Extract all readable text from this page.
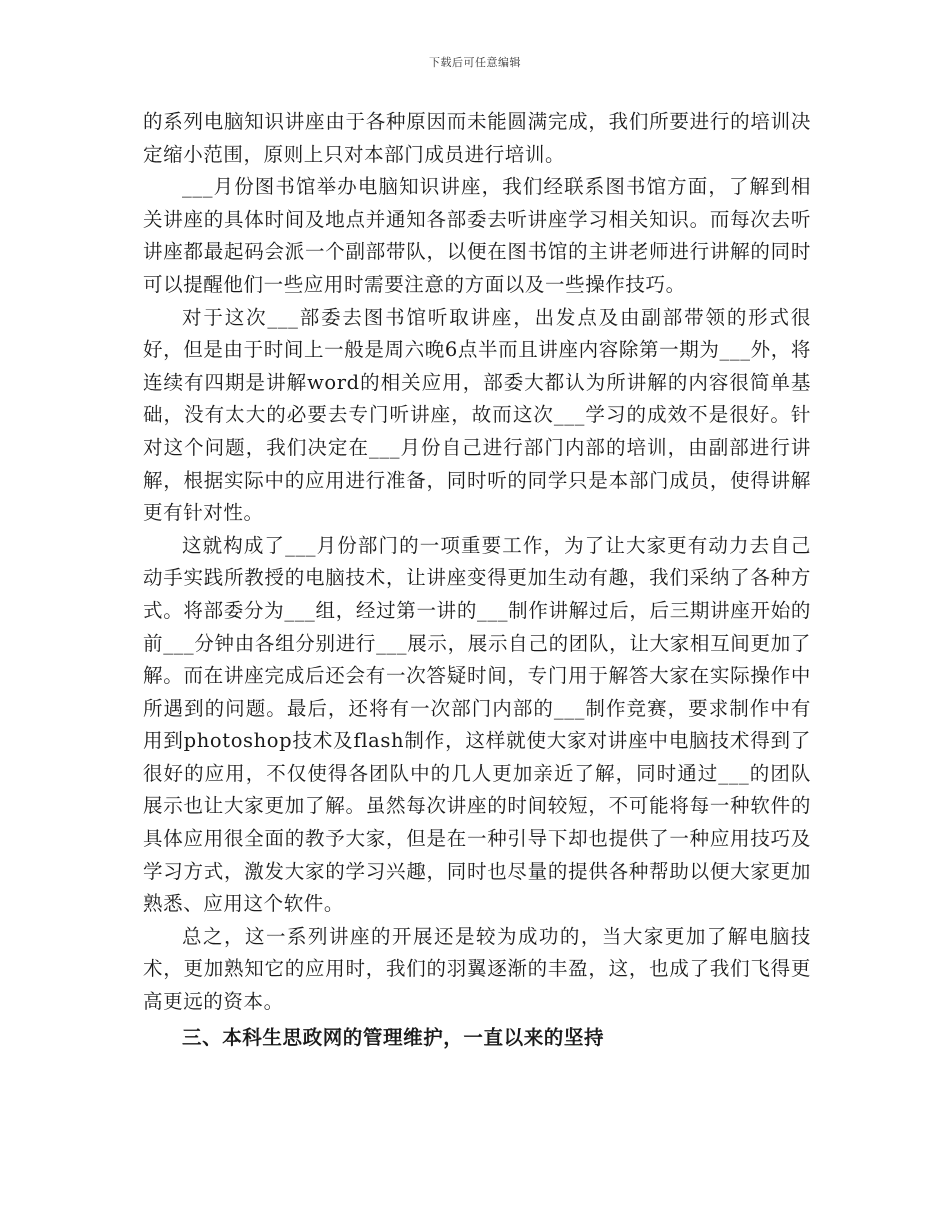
下载后可任意编辑

的系列电脑知识讲座由于各种原因而未能圆满完成，我们所要进行的培训决定缩小范围，原则上只对本部门成员进行培训。

___月份图书馆举办电脑知识讲座，我们经联系图书馆方面，了解到相关讲座的具体时间及地点并通知各部委去听讲座学习相关知识。而每次去听讲座都最起码会派一个副部带队，以便在图书馆的主讲老师进行讲解的同时可以提醒他们一些应用时需要注意的方面以及一些操作技巧。

对于这次___部委去图书馆听取讲座，出发点及由副部带领的形式很好，但是由于时间上一般是周六晚6点半而且讲座内容除第一期为___外，将连续有四期是讲解word的相关应用，部委大都认为所讲解的内容很简单基础，没有太大的必要去专门听讲座，故而这次___学习的成效不是很好。针对这个问题，我们决定在___月份自己进行部门内部的培训，由副部进行讲解，根据实际中的应用进行准备，同时听的同学只是本部门成员，使得讲解更有针对性。

这就构成了___月份部门的一项重要工作，为了让大家更有动力去自己动手实践所教授的电脑技术，让讲座变得更加生动有趣，我们采纳了各种方式。将部委分为___组，经过第一讲的___制作讲解过后，后三期讲座开始的前___分钟由各组分别进行___展示，展示自己的团队，让大家相互间更加了解。而在讲座完成后还会有一次答疑时间，专门用于解答大家在实际操作中所遇到的问题。最后，还将有一次部门内部的___制作竞赛，要求制作中有用到photoshop技术及flash制作，这样就使大家对讲座中电脑技术得到了很好的应用，不仅使得各团队中的几人更加亲近了解，同时通过___的团队展示也让大家更加了解。虽然每次讲座的时间较短，不可能将每一种软件的具体应用很全面的教予大家，但是在一种引导下却也提供了一种应用技巧及学习方式，激发大家的学习兴趣，同时也尽量的提供各种帮助以便大家更加熟悉、应用这个软件。

总之，这一系列讲座的开展还是较为成功的，当大家更加了解电脑技术，更加熟知它的应用时，我们的羽翼逐渐的丰盈，这，也成了我们飞得更高更远的资本。

三、本科生思政网的管理维护，一直以来的坚持
